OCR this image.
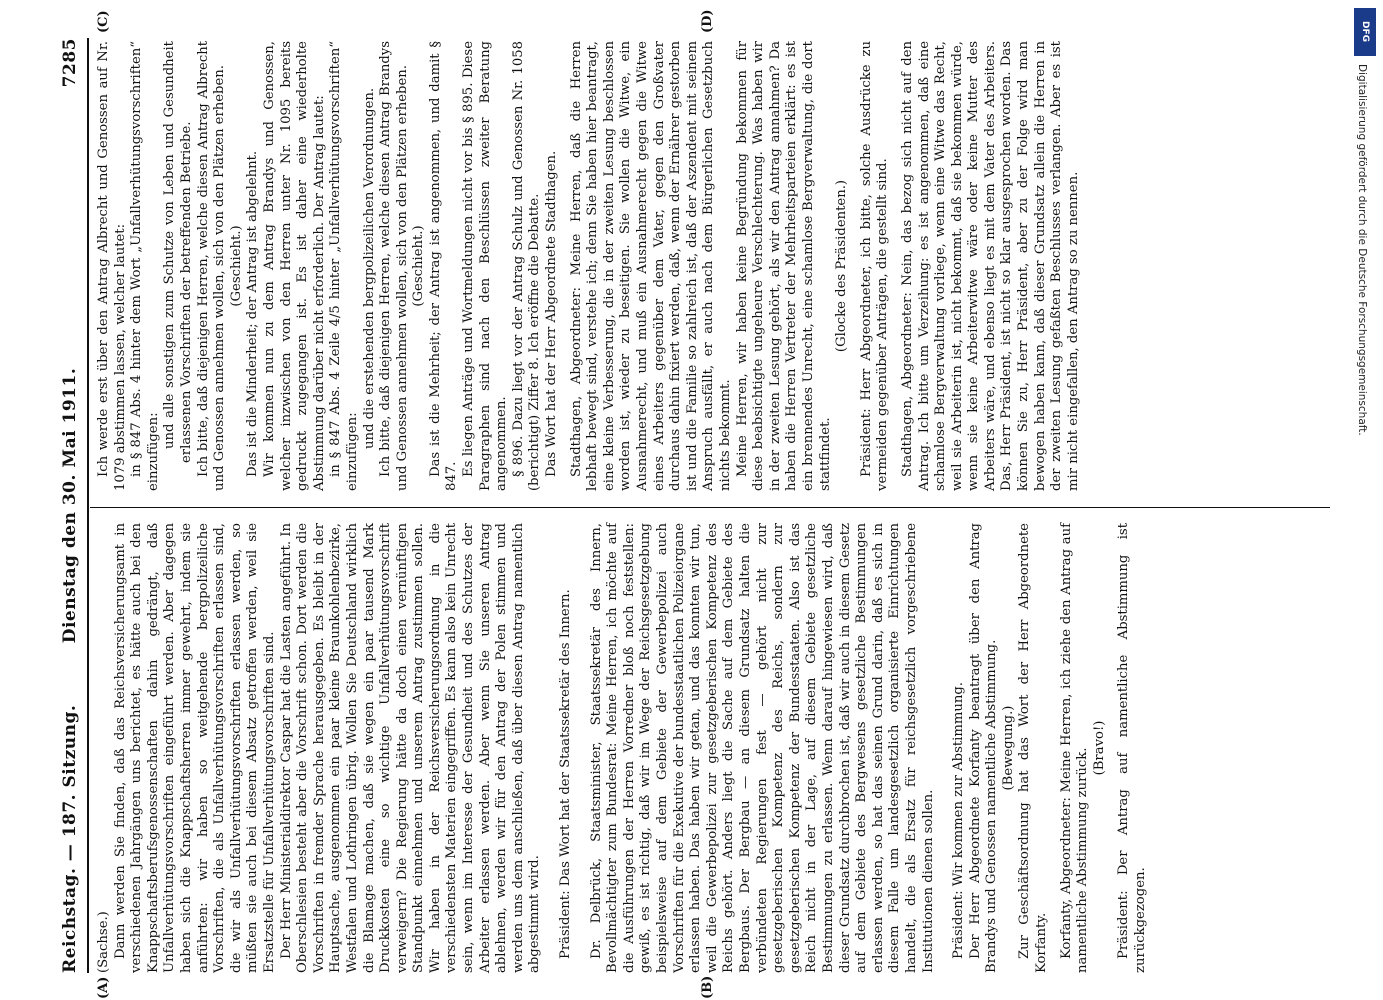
Reichstag. — 187. Sitzung.
Dienstag den 30. Mai 1911.
7285
(A)	(B)
(C)	(D)

(Sachse.) Dann werden Sie finden, daß das Reichsversicherungsamt in verschiedenen Jahrgängen uns berichtet, es hätte auch bei den Knappschaftsberufsgenossenschaften dahin gedrängt, daß Unfallverhütungsvorschriften eingeführt werden. Aber dagegen haben sich die Knappschaftsherren immer gewehrt, indem sie anführten: wir haben so weitgehende bergpolizeiliche Vorschriften, die als Unfallverhütungsvorschriften erlassen sind, die wir als Unfallverhütungsvorschriften erlassen werden, so müßten sie auch bei diesem Absatz getroffen werden, weil sie Ersatzstelle für Unfallverhütungsvorschriften sind. Der Herr Ministerialdirektor Caspar hat die Lasten angeführt. In Oberschlesien besteht aber die Vorschrift schon. Dort werden die Vorschriften in fremder Sprache herausgegeben. Es bleibt in der Hauptsache, ausgenommen ein paar kleine Braunkohlenbezirke, Westfalen und Lothringen übrig. Wollen Sie Deutschland wirklich die Blamage machen, daß sie wegen ein paar tausend Mark Druckkosten eine so wichtige Unfallverhütungsvorschrift verweigern? Die Regierung hätte da doch einen vernünftigen Standpunkt einnehmen und unserem Antrag zustimmen sollen. Wir haben in der Reichsversicherungsordnung in die verschiedensten Materien eingegriffen. Es kann also kein Unrecht sein, wenn im Interesse der Gesundheit und des Schutzes der Arbeiter erlassen werden. Aber wenn Sie unseren Antrag ablehnen, werden wir für den Antrag der Polen stimmen und werden uns dem anschließen, daß über diesen Antrag namentlich abgestimmt wird. Präsident: Das Wort hat der Staatssekretär des Innern. Dr. Delbrück, Staatsminister, Staatssekretär des Innern, Bevollmächtigter zum Bundesrat: Meine Herren, ich möchte auf die Ausführungen der Herren Vorredner bloß noch feststellen: gewiß, es ist richtig, daß wir im Wege der Reichsgesetzgebung beispielsweise auf dem Gebiete der Gewerbepolizei auch Vorschriften für die Exekutive der bundesstaatlichen Polizeiorgane erlassen haben. Das haben wir getan, und das konnten wir tun, weil die Gewerbepolizei zur gesetzgeberischen Kompetenz des Reichs gehört. Anders liegt die Sache auf dem Gebiete des Bergbaus. Der Bergbau — an diesem Grundsatz halten die verbündeten Regierungen fest — gehört nicht zur gesetzgeberischen Kompetenz des Reichs, sondern zur gesetzgeberischen Kompetenz der Bundesstaaten. Also ist das Reich nicht in der Lage, auf diesem Gebiete gesetzliche Bestimmungen zu erlassen. Wenn darauf hingewiesen wird, daß dieser Grundsatz durchbrochen ist, daß wir auch in diesem Gesetz auf dem Gebiete des Bergwesens gesetzliche Bestimmungen erlassen werden, so hat das seinen Grund darin, daß es sich in diesem Falle um landesgesetzlich organisierte Einrichtungen handelt, die als Ersatz für reichsgesetzlich vorgeschriebene Institutionen dienen sollen. Präsident: Wir kommen zur Abstimmung. Der Herr Abgeordnete Korfanty beantragt über den Antrag Brandys und Genossen namentliche Abstimmung. (Bewegung.) Zur Geschäftsordnung hat das Wort der Herr Abgeordnete Korfanty. Korfanty, Abgeordneter: Meine Herren, ich ziehe den Antrag auf namentliche Abstimmung zurück. (Bravo!) Präsident: Der Antrag auf namentliche Abstimmung ist zurückgezogen.

Ich werde erst über den Antrag Albrecht und Genossen auf Nr. 1079 abstimmen lassen, welcher lautet: in § 847 Abs. 4 hinter dem Wort „Unfallverhütungsvorschriften“ einzufügen:

und alle sonstigen zum Schutze von Leben und Gesundheit erlassenen Vorschriften der betreffenden Betriebe. Ich bitte, daß diejenigen Herren, welche diesen Antrag Albrecht und Genossen annehmen wollen, sich von den Plätzen erheben. (Geschieht.) Das ist die Minderheit; der Antrag ist abgelehnt. Wir kommen nun zu dem Antrag Brandys und Genossen, welcher inzwischen von den Herren unter Nr. 1095 bereits gedruckt zugegangen ist. Es ist daher eine wiederholte Abstimmung darüber nicht erforderlich. Der Antrag lautet: in § 847 Abs. 4 Zeile 4/5 hinter „Unfallverhütungsvorschriften“ einzufügen:

und die erstehenden bergpolizeilichen Verordnungen. Ich bitte, daß diejenigen Herren, welche diesen Antrag Brandys und Genossen annehmen wollen, sich von den Plätzen erheben. (Geschieht.) Das ist die Mehrheit; der Antrag ist angenommen, und damit § 847. Es liegen Anträge und Wortmeldungen nicht vor bis § 895. Diese Paragraphen sind nach den Beschlüssen zweiter Beratung angenommen. § 896. Dazu liegt vor der Antrag Schulz und Genossen Nr. 1058 (berichtigt) Ziffer 8. Ich eröffne die Debatte. Das Wort hat der Herr Abgeordnete Stadthagen. Stadthagen, Abgeordneter: Meine Herren, daß die Herren lebhaft bewegt sind, verstehe ich; denn Sie haben hier beantragt, eine kleine Verbesserung, die in der zweiten Lesung beschlossen worden ist, wieder zu beseitigen. Sie wollen die Witwe, ein Ausnahmerecht, und muß ein Ausnahmerecht gegen die Witwe eines Arbeiters gegenüber dem Vater, gegen den Großvater durchaus dahin fixiert werden, daß, wenn der Ernährer gestorben ist und die Familie so zahlreich ist, daß der Aszendent mit seinem Anspruch ausfällt, er auch nach dem Bürgerlichen Gesetzbuch nichts bekommt. Meine Herren, wir haben keine Begründung bekommen für diese beabsichtigte ungeheure Verschlechterung. Was haben wir in der zweiten Lesung gehört, als wir den Antrag annahmen? Da haben die Herren Vertreter der Mehrheitsparteien erklärt: es ist ein brennendes Unrecht, eine schamlose Bergverwaltung, die dort stattfindet.

(Glocke des Präsidenten.) Präsident: Herr Abgeordneter, ich bitte, solche Ausdrücke zu vermeiden gegenüber Anträgen, die gestellt sind. Stadthagen, Abgeordneter: Nein, das bezog sich nicht auf den Antrag. Ich bitte um Verzeihung: es ist angenommen, daß eine schamlose Bergverwaltung vorliege, wenn eine Witwe das Recht, weil sie Arbeiterin ist, nicht bekommt, daß sie bekommen würde, wenn sie keine Arbeiterwitwe wäre oder keine Mutter des Arbeiters wäre, und ebenso liegt es mit dem Vater des Arbeiters. Das, Herr Präsident, ist nicht so klar ausgesprochen worden. Das können Sie zu, Herr Präsident, aber zu der Folge wird man bewogen haben kann, daß dieser Grundsatz allein die Herren in der zweiten Lesung gefaßten Beschlusses verlangen. Aber es ist mir nicht eingefallen, den Antrag so zu nennen.

DFG
Digitalisierung gefördert durch die Deutsche Forschungsgemeinschaft.
